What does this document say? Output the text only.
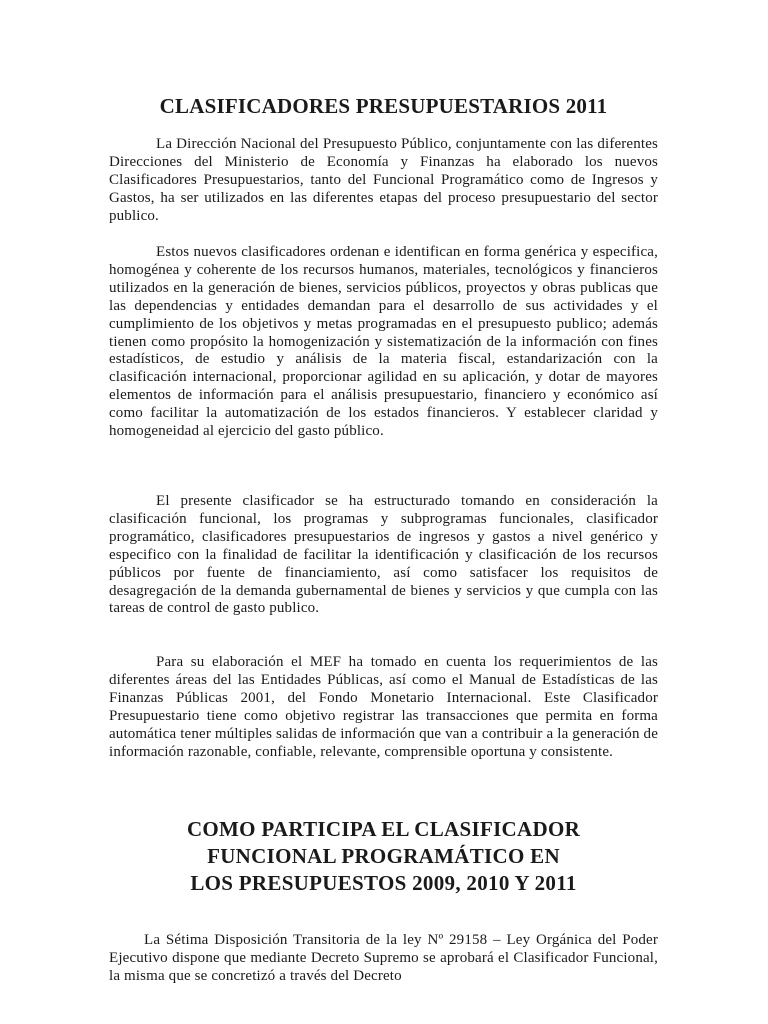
CLASIFICADORES PRESUPUESTARIOS 2011

La Dirección Nacional del Presupuesto Público, conjuntamente con las diferentes Direcciones del Ministerio de Economía y Finanzas ha elaborado los nuevos Clasificadores Presupuestarios, tanto del Funcional Programático como de Ingresos y Gastos, ha ser utilizados en las diferentes etapas del proceso presupuestario del sector publico.

Estos nuevos clasificadores ordenan e identifican en forma genérica y especifica, homogénea y coherente de los recursos humanos, materiales, tecnológicos y financieros utilizados en la generación de bienes, servicios públicos, proyectos y obras publicas que las dependencias y entidades demandan para el desarrollo de sus actividades y el cumplimiento de los objetivos y metas programadas en el presupuesto publico; además tienen como propósito la homogenización y sistematización de la información con fines estadísticos, de estudio y análisis de la materia fiscal, estandarización con la clasificación internacional, proporcionar agilidad en su aplicación, y dotar de mayores elementos de información para el análisis presupuestario, financiero y económico así como facilitar la automatización de los estados financieros. Y establecer claridad y homogeneidad al ejercicio del gasto público.

El presente clasificador se ha estructurado tomando en consideración la clasificación funcional, los programas y subprogramas funcionales, clasificador programático, clasificadores presupuestarios de ingresos y gastos a nivel genérico y especifico con la finalidad de facilitar la identificación y clasificación de los recursos públicos por fuente de financiamiento, así como satisfacer los requisitos de desagregación de la demanda gubernamental de bienes y servicios y que cumpla con las tareas de control de gasto publico.

Para su elaboración el MEF ha tomado en cuenta los requerimientos de las diferentes áreas del las Entidades Públicas, así como el Manual de Estadísticas de las Finanzas Públicas 2001, del Fondo Monetario Internacional. Este Clasificador Presupuestario tiene como objetivo registrar las transacciones que permita en forma automática tener múltiples salidas de información que van a contribuir a la generación de información razonable, confiable, relevante, comprensible oportuna y consistente.

COMO PARTICIPA EL CLASIFICADOR
FUNCIONAL PROGRAMÁTICO EN
LOS PRESUPUESTOS 2009, 2010 Y 2011

La Sétima Disposición Transitoria de la ley Nº 29158 – Ley Orgánica del Poder Ejecutivo dispone que mediante Decreto Supremo se aprobará el Clasificador Funcional, la misma que se concretizó a través del Decreto
